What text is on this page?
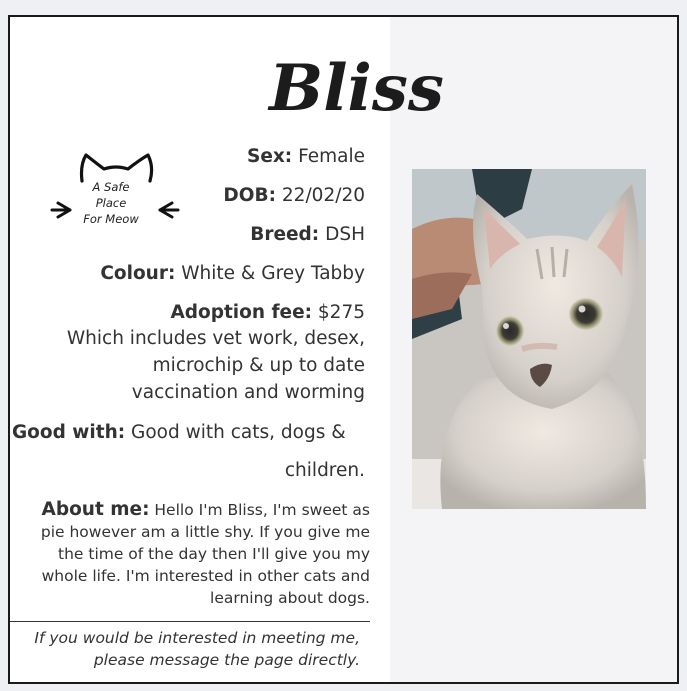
Bliss
A Safe
Place
For Meow
Sex: Female
DOB: 22/02/20
Breed: DSH
Colour: White & Grey Tabby
Adoption fee: $275
Which includes vet work, desex,
microchip & up to date
vaccination and worming
Good with: Good with cats, dogs &
children.
About me: Hello I'm Bliss, I'm sweet as
pie however am a little shy. If you give me
the time of the day then I'll give you my
whole life. I'm interested in other cats and
learning about dogs.
If you would be interested in meeting me,
please message the page directly.
